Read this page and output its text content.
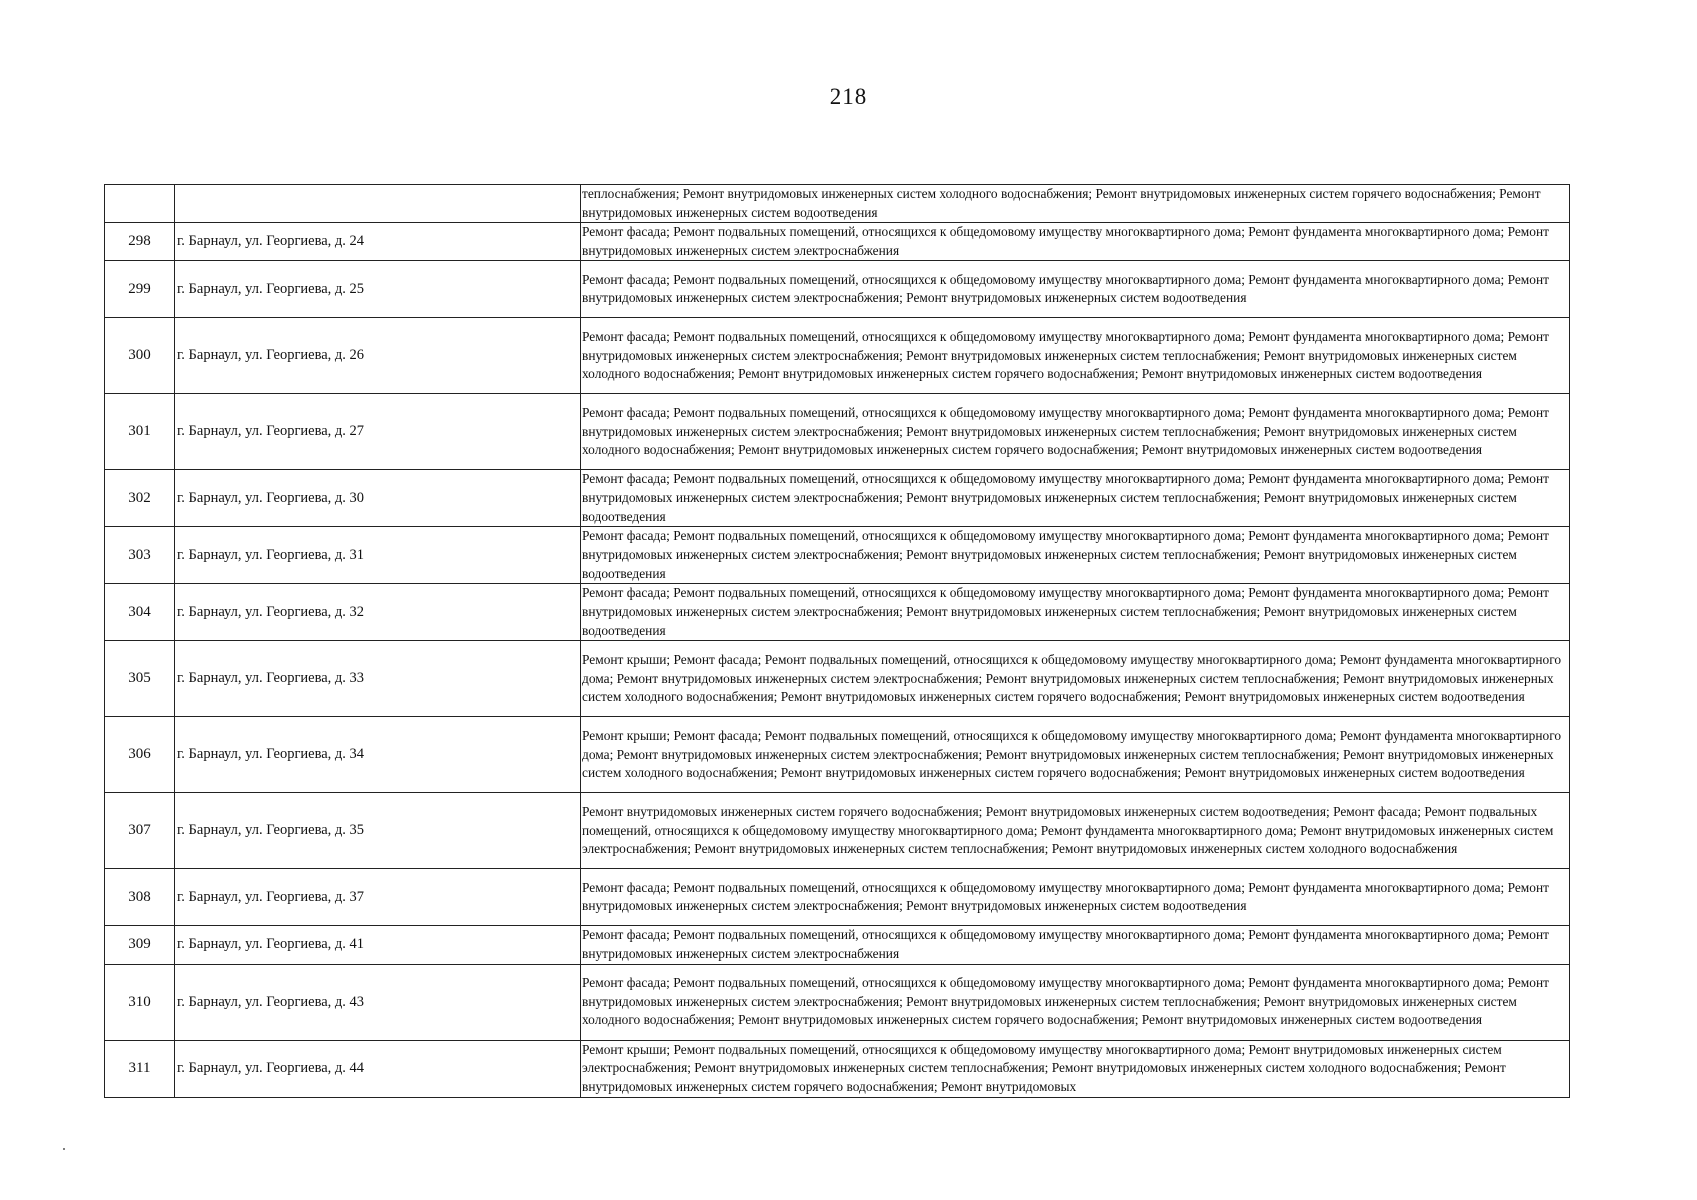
218
		теплоснабжения; Ремонт внутридомовых инженерных систем холодного водоснабжения; Ремонт внутридомовых инженерных систем горячего водоснабжения; Ремонт внутридомовых инженерных систем водоотведения
298	г. Барнаул, ул. Георгиева, д. 24	Ремонт фасада; Ремонт подвальных помещений, относящихся к общедомовому имуществу многоквартирного дома; Ремонт фундамента многоквартирного дома; Ремонт внутридомовых инженерных систем электроснабжения
299	г. Барнаул, ул. Георгиева, д. 25	Ремонт фасада; Ремонт подвальных помещений, относящихся к общедомовому имуществу многоквартирного дома; Ремонт фундамента многоквартирного дома; Ремонт внутридомовых инженерных систем электроснабжения; Ремонт внутридомовых инженерных систем водоотведения
300	г. Барнаул, ул. Георгиева, д. 26	Ремонт фасада; Ремонт подвальных помещений, относящихся к общедомовому имуществу многоквартирного дома; Ремонт фундамента многоквартирного дома; Ремонт внутридомовых инженерных систем электроснабжения; Ремонт внутридомовых инженерных систем теплоснабжения; Ремонт внутридомовых инженерных систем холодного водоснабжения; Ремонт внутридомовых инженерных систем горячего водоснабжения; Ремонт внутридомовых инженерных систем водоотведения
301	г. Барнаул, ул. Георгиева, д. 27	Ремонт фасада; Ремонт подвальных помещений, относящихся к общедомовому имуществу многоквартирного дома; Ремонт фундамента многоквартирного дома; Ремонт внутридомовых инженерных систем электроснабжения; Ремонт внутридомовых инженерных систем теплоснабжения; Ремонт внутридомовых инженерных систем холодного водоснабжения; Ремонт внутридомовых инженерных систем горячего водоснабжения; Ремонт внутридомовых инженерных систем водоотведения
302	г. Барнаул, ул. Георгиева, д. 30	Ремонт фасада; Ремонт подвальных помещений, относящихся к общедомовому имуществу многоквартирного дома; Ремонт фундамента многоквартирного дома; Ремонт внутридомовых инженерных систем электроснабжения; Ремонт внутридомовых инженерных систем теплоснабжения; Ремонт внутридомовых инженерных систем водоотведения
303	г. Барнаул, ул. Георгиева, д. 31	Ремонт фасада; Ремонт подвальных помещений, относящихся к общедомовому имуществу многоквартирного дома; Ремонт фундамента многоквартирного дома; Ремонт внутридомовых инженерных систем электроснабжения; Ремонт внутридомовых инженерных систем теплоснабжения; Ремонт внутридомовых инженерных систем водоотведения
304	г. Барнаул, ул. Георгиева, д. 32	Ремонт фасада; Ремонт подвальных помещений, относящихся к общедомовому имуществу многоквартирного дома; Ремонт фундамента многоквартирного дома; Ремонт внутридомовых инженерных систем электроснабжения; Ремонт внутридомовых инженерных систем теплоснабжения; Ремонт внутридомовых инженерных систем водоотведения
305	г. Барнаул, ул. Георгиева, д. 33	Ремонт крыши; Ремонт фасада; Ремонт подвальных помещений, относящихся к общедомовому имуществу многоквартирного дома; Ремонт фундамента многоквартирного дома; Ремонт внутридомовых инженерных систем электроснабжения; Ремонт внутридомовых инженерных систем теплоснабжения; Ремонт внутридомовых инженерных систем холодного водоснабжения; Ремонт внутридомовых инженерных систем горячего водоснабжения; Ремонт внутридомовых инженерных систем водоотведения
306	г. Барнаул, ул. Георгиева, д. 34	Ремонт крыши; Ремонт фасада; Ремонт подвальных помещений, относящихся к общедомовому имуществу многоквартирного дома; Ремонт фундамента многоквартирного дома; Ремонт внутридомовых инженерных систем электроснабжения; Ремонт внутридомовых инженерных систем теплоснабжения; Ремонт внутридомовых инженерных систем холодного водоснабжения; Ремонт внутридомовых инженерных систем горячего водоснабжения; Ремонт внутридомовых инженерных систем водоотведения
307	г. Барнаул, ул. Георгиева, д. 35	Ремонт внутридомовых инженерных систем горячего водоснабжения; Ремонт внутридомовых инженерных систем водоотведения; Ремонт фасада; Ремонт подвальных помещений, относящихся к общедомовому имуществу многоквартирного дома; Ремонт фундамента многоквартирного дома; Ремонт внутридомовых инженерных систем электроснабжения; Ремонт внутридомовых инженерных систем теплоснабжения; Ремонт внутридомовых инженерных систем холодного водоснабжения
308	г. Барнаул, ул. Георгиева, д. 37	Ремонт фасада; Ремонт подвальных помещений, относящихся к общедомовому имуществу многоквартирного дома; Ремонт фундамента многоквартирного дома; Ремонт внутридомовых инженерных систем электроснабжения; Ремонт внутридомовых инженерных систем водоотведения
309	г. Барнаул, ул. Георгиева, д. 41	Ремонт фасада; Ремонт подвальных помещений, относящихся к общедомовому имуществу многоквартирного дома; Ремонт фундамента многоквартирного дома; Ремонт внутридомовых инженерных систем электроснабжения
310	г. Барнаул, ул. Георгиева, д. 43	Ремонт фасада; Ремонт подвальных помещений, относящихся к общедомовому имуществу многоквартирного дома; Ремонт фундамента многоквартирного дома; Ремонт внутридомовых инженерных систем электроснабжения; Ремонт внутридомовых инженерных систем теплоснабжения; Ремонт внутридомовых инженерных систем холодного водоснабжения; Ремонт внутридомовых инженерных систем горячего водоснабжения; Ремонт внутридомовых инженерных систем водоотведения
311	г. Барнаул, ул. Георгиева, д. 44	Ремонт крыши; Ремонт подвальных помещений, относящихся к общедомовому имуществу многоквартирного дома; Ремонт внутридомовых инженерных систем электроснабжения; Ремонт внутридомовых инженерных систем теплоснабжения; Ремонт внутридомовых инженерных систем холодного водоснабжения; Ремонт внутридомовых инженерных систем горячего водоснабжения; Ремонт внутридомовых
